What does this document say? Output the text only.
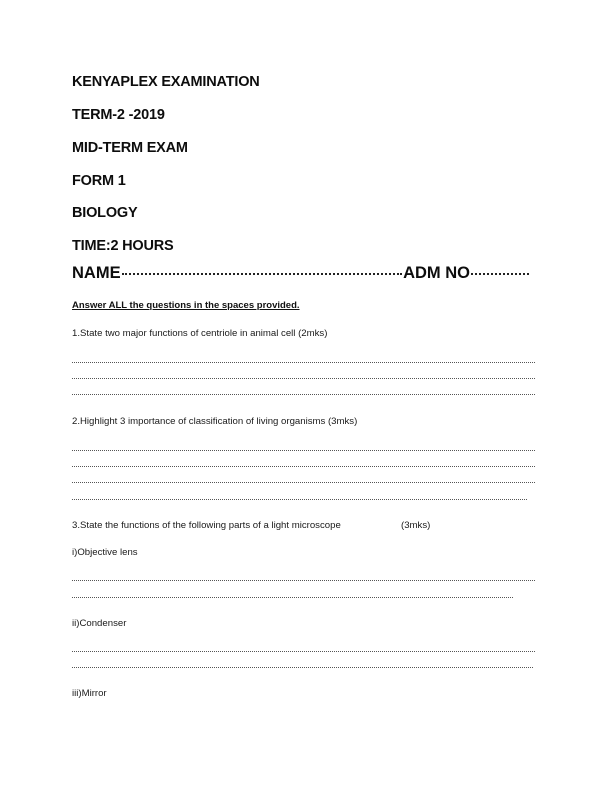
KENYAPLEX EXAMINATION
TERM-2 -2019
MID-TERM EXAM
FORM 1
BIOLOGY
TIME:2 HOURS
NAME	ADM NO
Answer ALL the questions in the spaces provided.
1.State two major functions of centriole in animal cell (2mks)
2.Highlight 3 importance of classification of living organisms (3mks)
3.State the functions of the following parts of a light microscope	(3mks)
i)Objective lens
ii)Condenser
iii)Mirror
